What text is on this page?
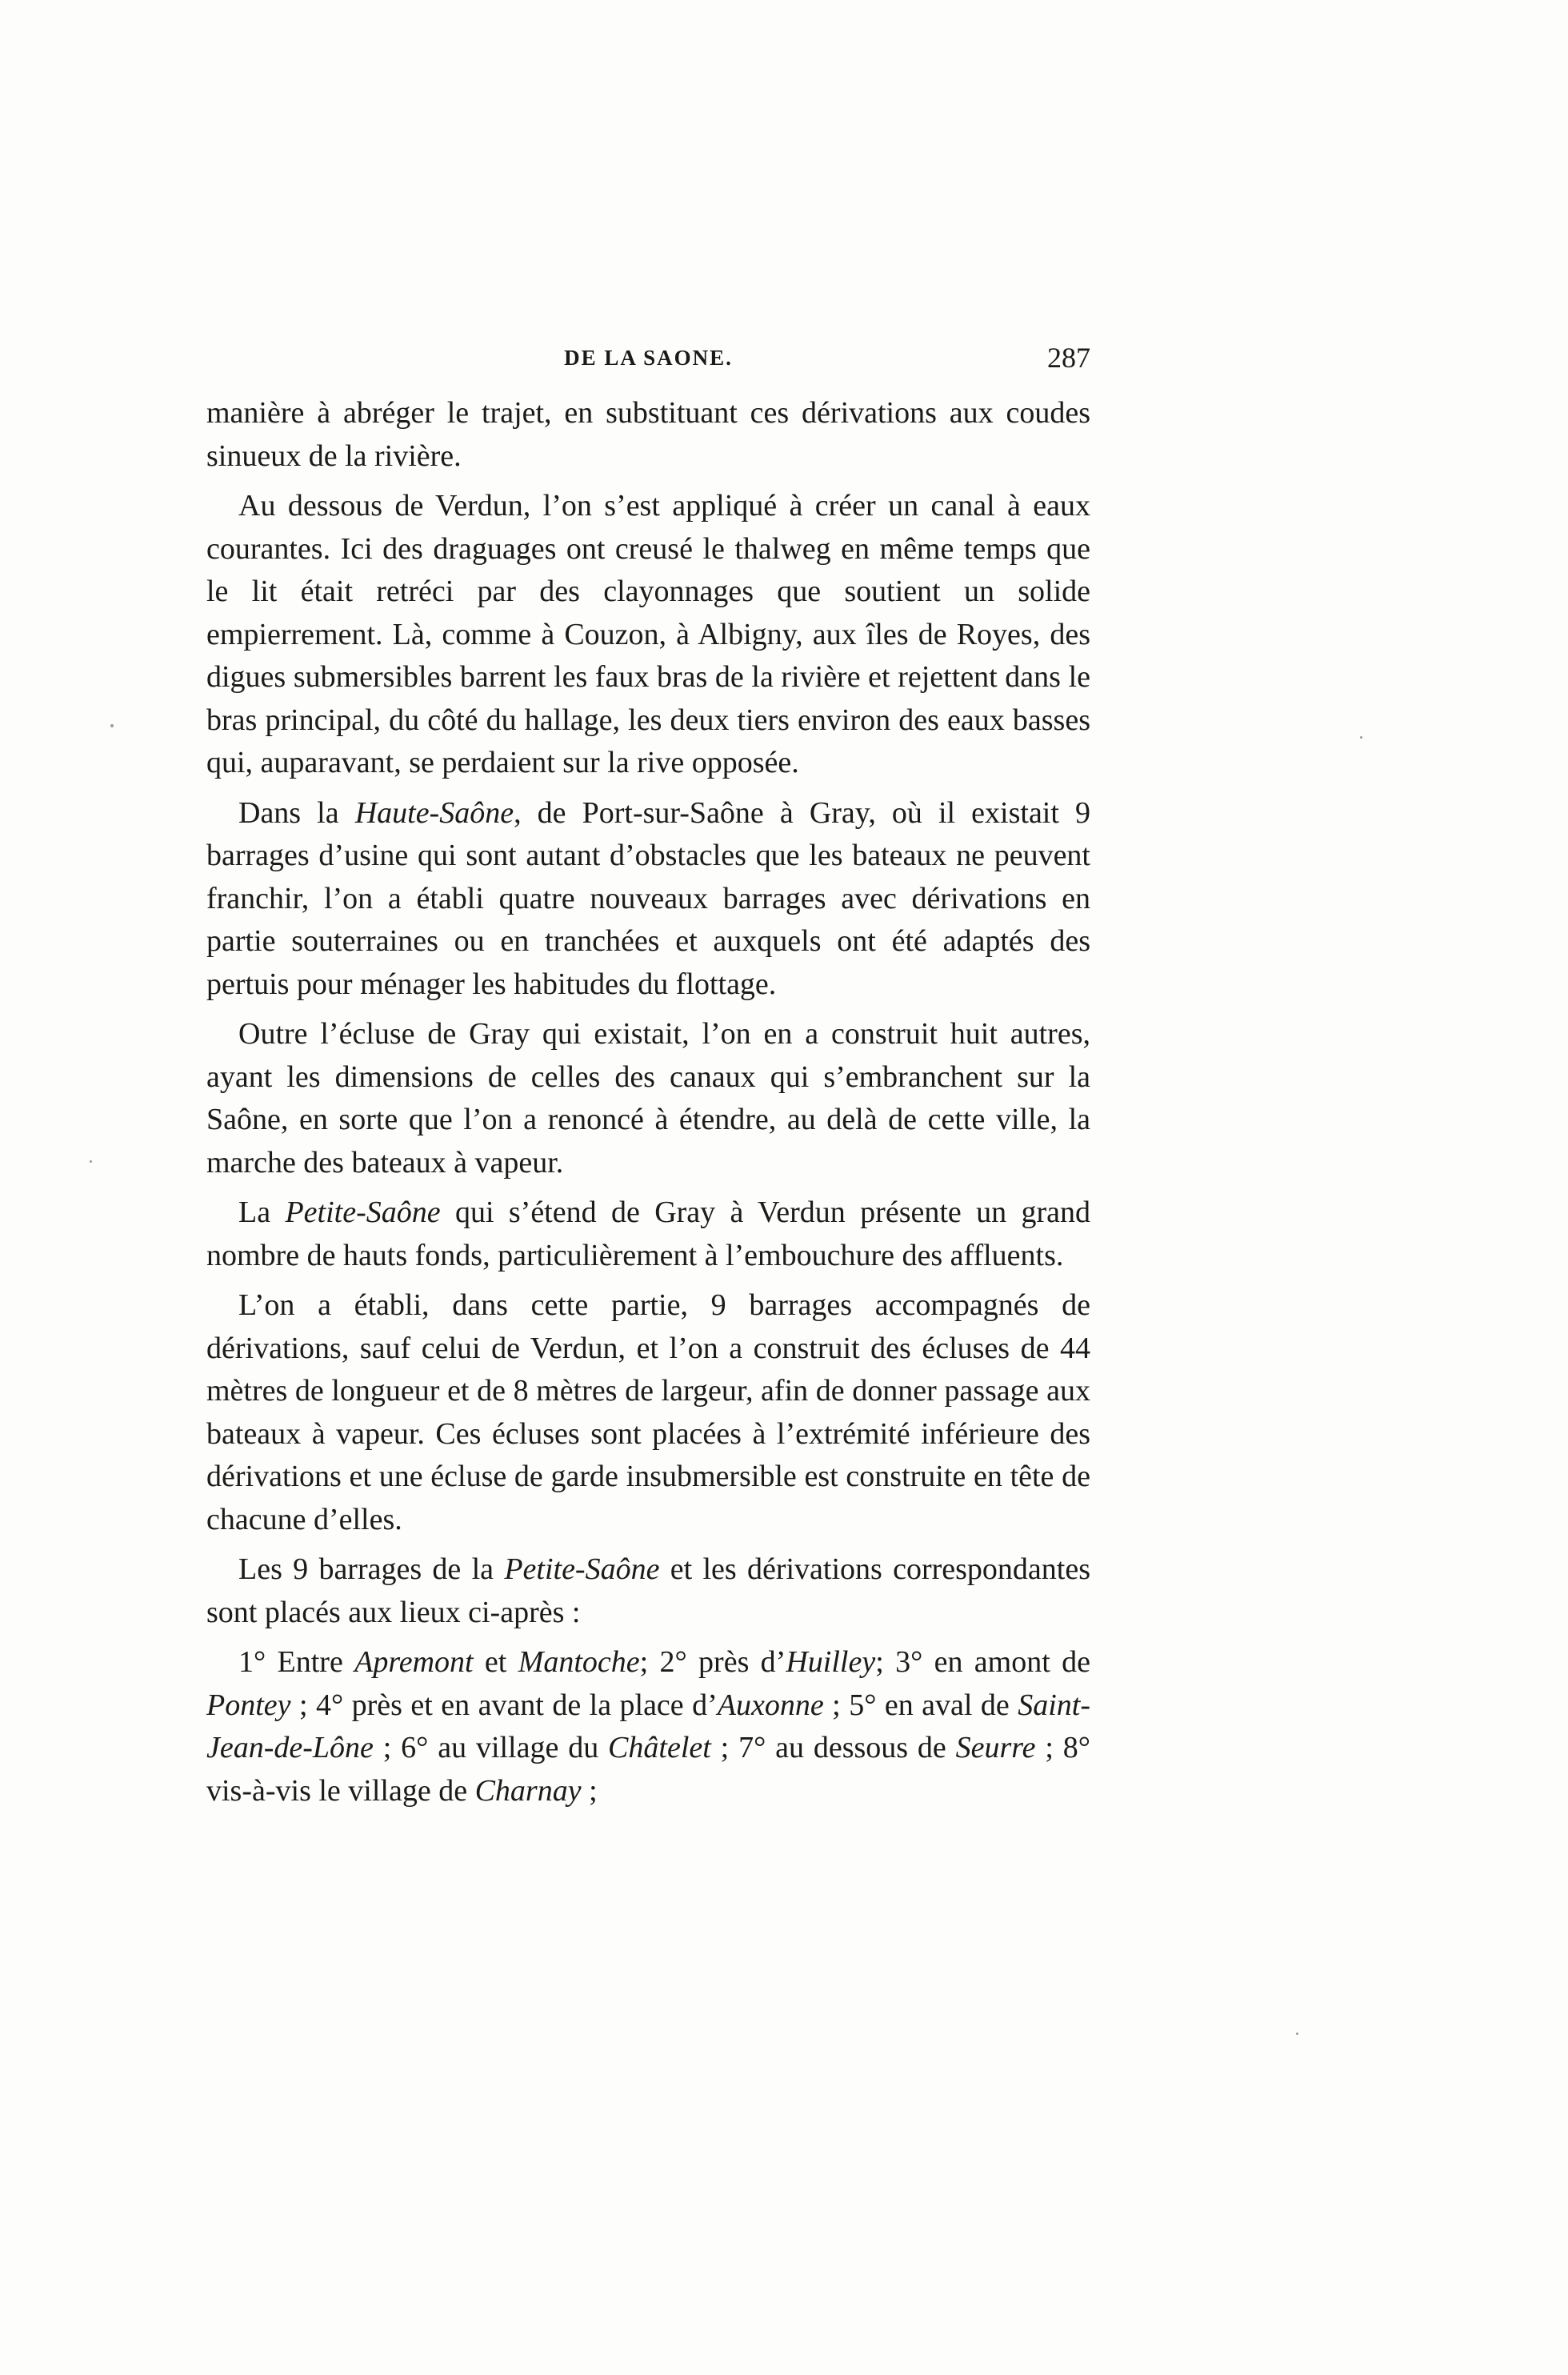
DE LA SAONE.	287

manière à abréger le trajet, en substituant ces dérivations aux coudes sinueux de la rivière.

Au dessous de Verdun, l’on s’est appliqué à créer un canal à eaux courantes. Ici des draguages ont creusé le thalweg en même temps que le lit était retréci par des clayonnages que soutient un solide empierrement. Là, comme à Couzon, à Albigny, aux îles de Royes, des digues submersibles barrent les faux bras de la rivière et rejettent dans le bras principal, du côté du hallage, les deux tiers environ des eaux basses qui, auparavant, se perdaient sur la rive opposée.

Dans la Haute-Saône, de Port-sur-Saône à Gray, où il existait 9 barrages d’usine qui sont autant d’obstacles que les bateaux ne peuvent franchir, l’on a établi quatre nouveaux barrages avec dérivations en partie souterraines ou en tranchées et auxquels ont été adaptés des pertuis pour ménager les habitudes du flottage.

Outre l’écluse de Gray qui existait, l’on en a construit huit autres, ayant les dimensions de celles des canaux qui s’embranchent sur la Saône, en sorte que l’on a renoncé à étendre, au delà de cette ville, la marche des bateaux à vapeur.

La Petite-Saône qui s’étend de Gray à Verdun présente un grand nombre de hauts fonds, particulièrement à l’embouchure des affluents.

L’on a établi, dans cette partie, 9 barrages accompagnés de dérivations, sauf celui de Verdun, et l’on a construit des écluses de 44 mètres de longueur et de 8 mètres de largeur, afin de donner passage aux bateaux à vapeur. Ces écluses sont placées à l’extrémité inférieure des dérivations et une écluse de garde insubmersible est construite en tête de chacune d’elles.

Les 9 barrages de la Petite-Saône et les dérivations correspondantes sont placés aux lieux ci-après :

1° Entre Apremont et Mantoche; 2° près d’Huilley; 3° en amont de Pontey ; 4° près et en avant de la place d’Auxonne ; 5° en aval de Saint-Jean-de-Lône ; 6° au village du Châtelet ; 7° au dessous de Seurre ; 8° vis-à-vis le village de Charnay ;
